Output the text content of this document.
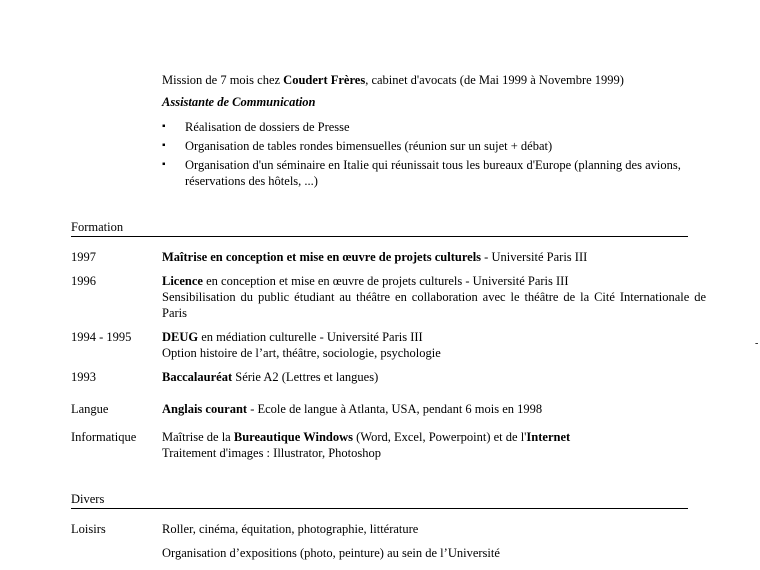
Mission de 7 mois chez Coudert Frères, cabinet d'avocats (de Mai 1999 à Novembre 1999)
Assistante de Communication
▪	Réalisation de dossiers de Presse
▪	Organisation de tables rondes bimensuelles (réunion sur un sujet + débat)
▪	Organisation d'un séminaire en Italie qui réunissait tous les bureaux d'Europe (planning des avions, réservations des hôtels, ...)
Formation
1997	Maîtrise en conception et mise en œuvre de projets culturels - Université Paris III
1996	Licence en conception et mise en œuvre de projets culturels - Université Paris III
Sensibilisation du public étudiant au théâtre en collaboration avec le théâtre de la Cité Internationale de Paris
1994 - 1995 DEUG en médiation culturelle - Université Paris III
Option histoire de l’art, théâtre, sociologie, psychologie
1993	Baccalauréat Série A2 (Lettres et langues)
Langue	Anglais courant - Ecole de langue à Atlanta, USA, pendant 6 mois en 1998
Informatique Maîtrise de la Bureautique Windows (Word, Excel, Powerpoint) et de l'Internet
Traitement d'images : Illustrator, Photoshop
Divers
Loisirs	Roller, cinéma, équitation, photographie, littérature
Organisation d’expositions (photo, peinture) au sein de l’Université
-
